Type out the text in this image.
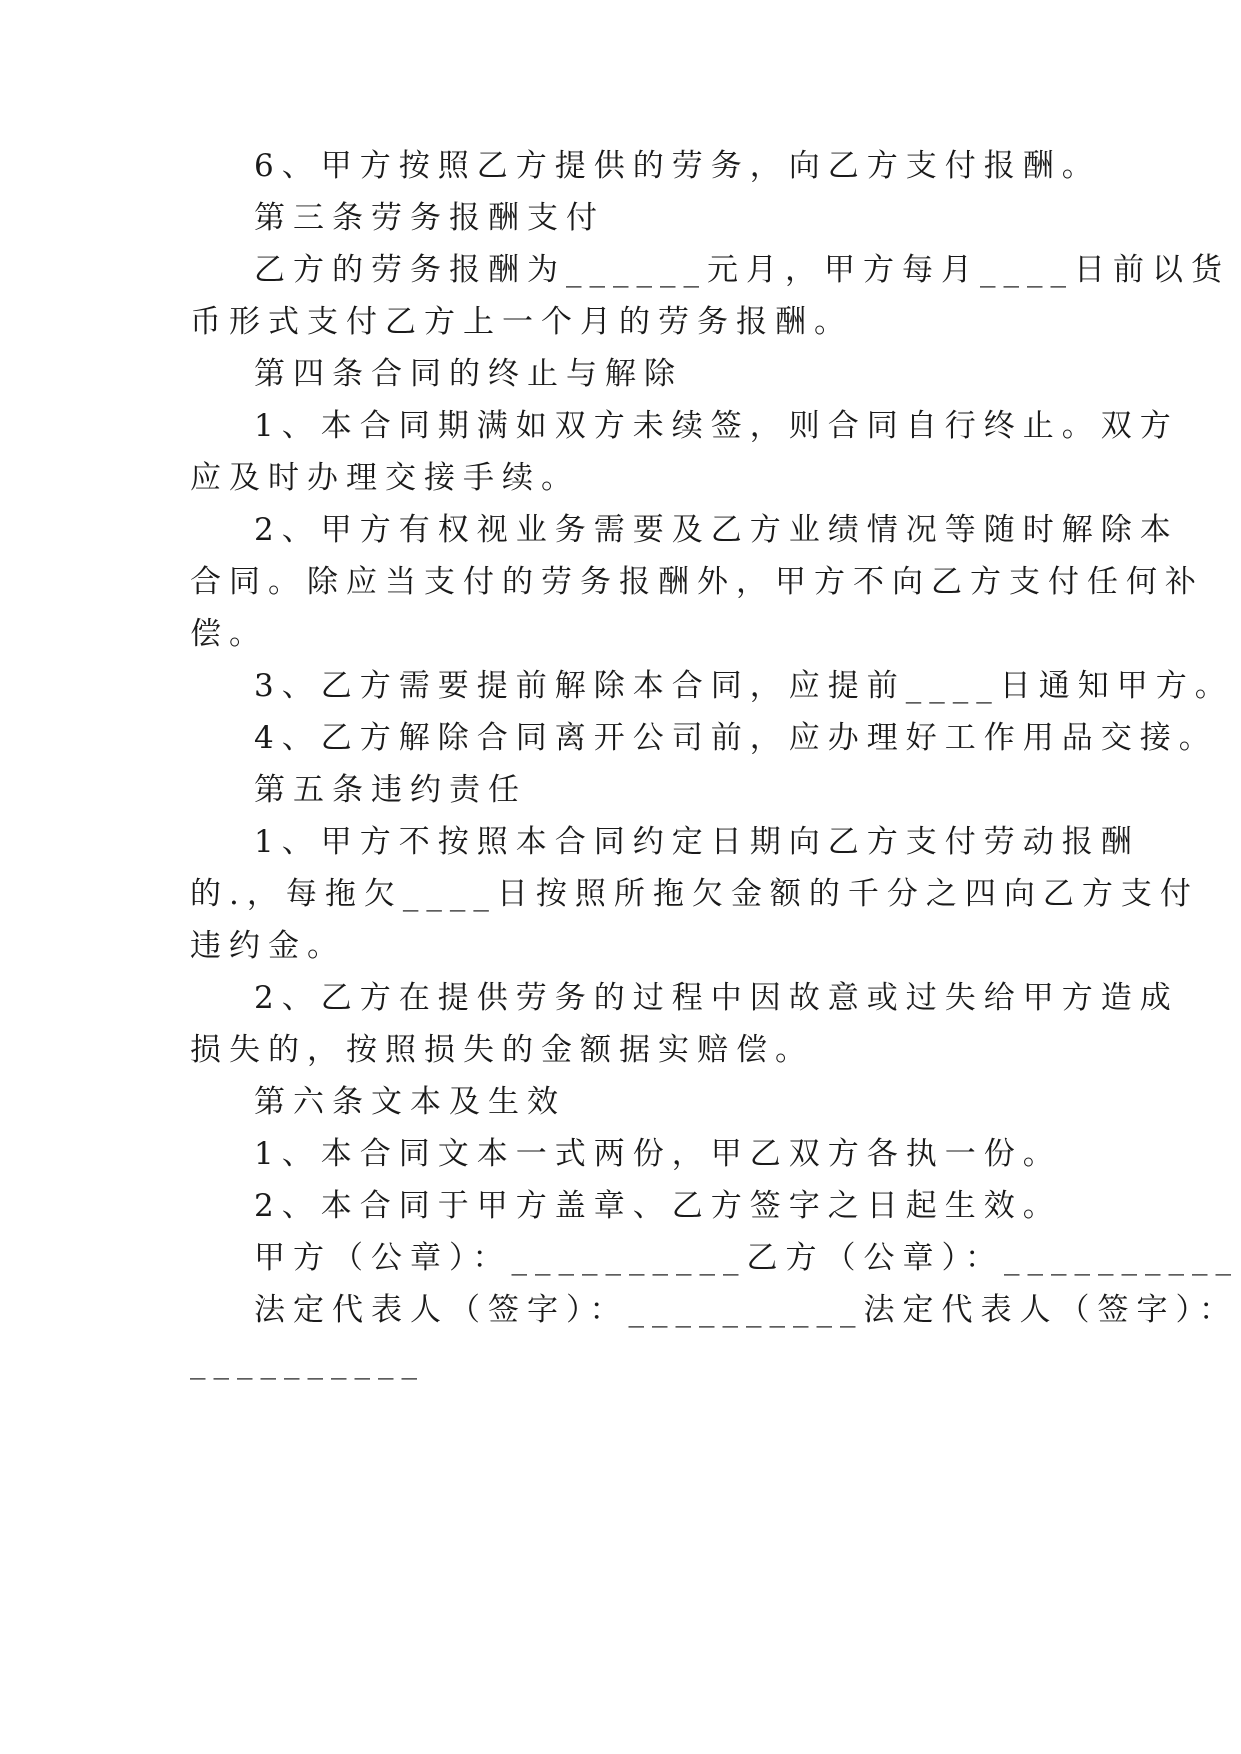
6、甲方按照乙方提供的劳务，向乙方支付报酬。
第三条劳务报酬支付
乙方的劳务报酬为______元月，甲方每月____日前以货
币形式支付乙方上一个月的劳务报酬。
第四条合同的终止与解除
1、本合同期满如双方未续签，则合同自行终止。双方
应及时办理交接手续。
2、甲方有权视业务需要及乙方业绩情况等随时解除本
合同。除应当支付的劳务报酬外，甲方不向乙方支付任何补
偿。
3、乙方需要提前解除本合同，应提前____日通知甲方。
4、乙方解除合同离开公司前，应办理好工作用品交接。
第五条违约责任
1、甲方不按照本合同约定日期向乙方支付劳动报酬
的.，每拖欠____日按照所拖欠金额的千分之四向乙方支付
违约金。
2、乙方在提供劳务的过程中因故意或过失给甲方造成
损失的，按照损失的金额据实赔偿。
第六条文本及生效
1、本合同文本一式两份，甲乙双方各执一份。
2、本合同于甲方盖章、乙方签字之日起生效。
甲方（公章）：__________乙方（公章）：__________
法定代表人（签字）：__________法定代表人（签字）：
__________
